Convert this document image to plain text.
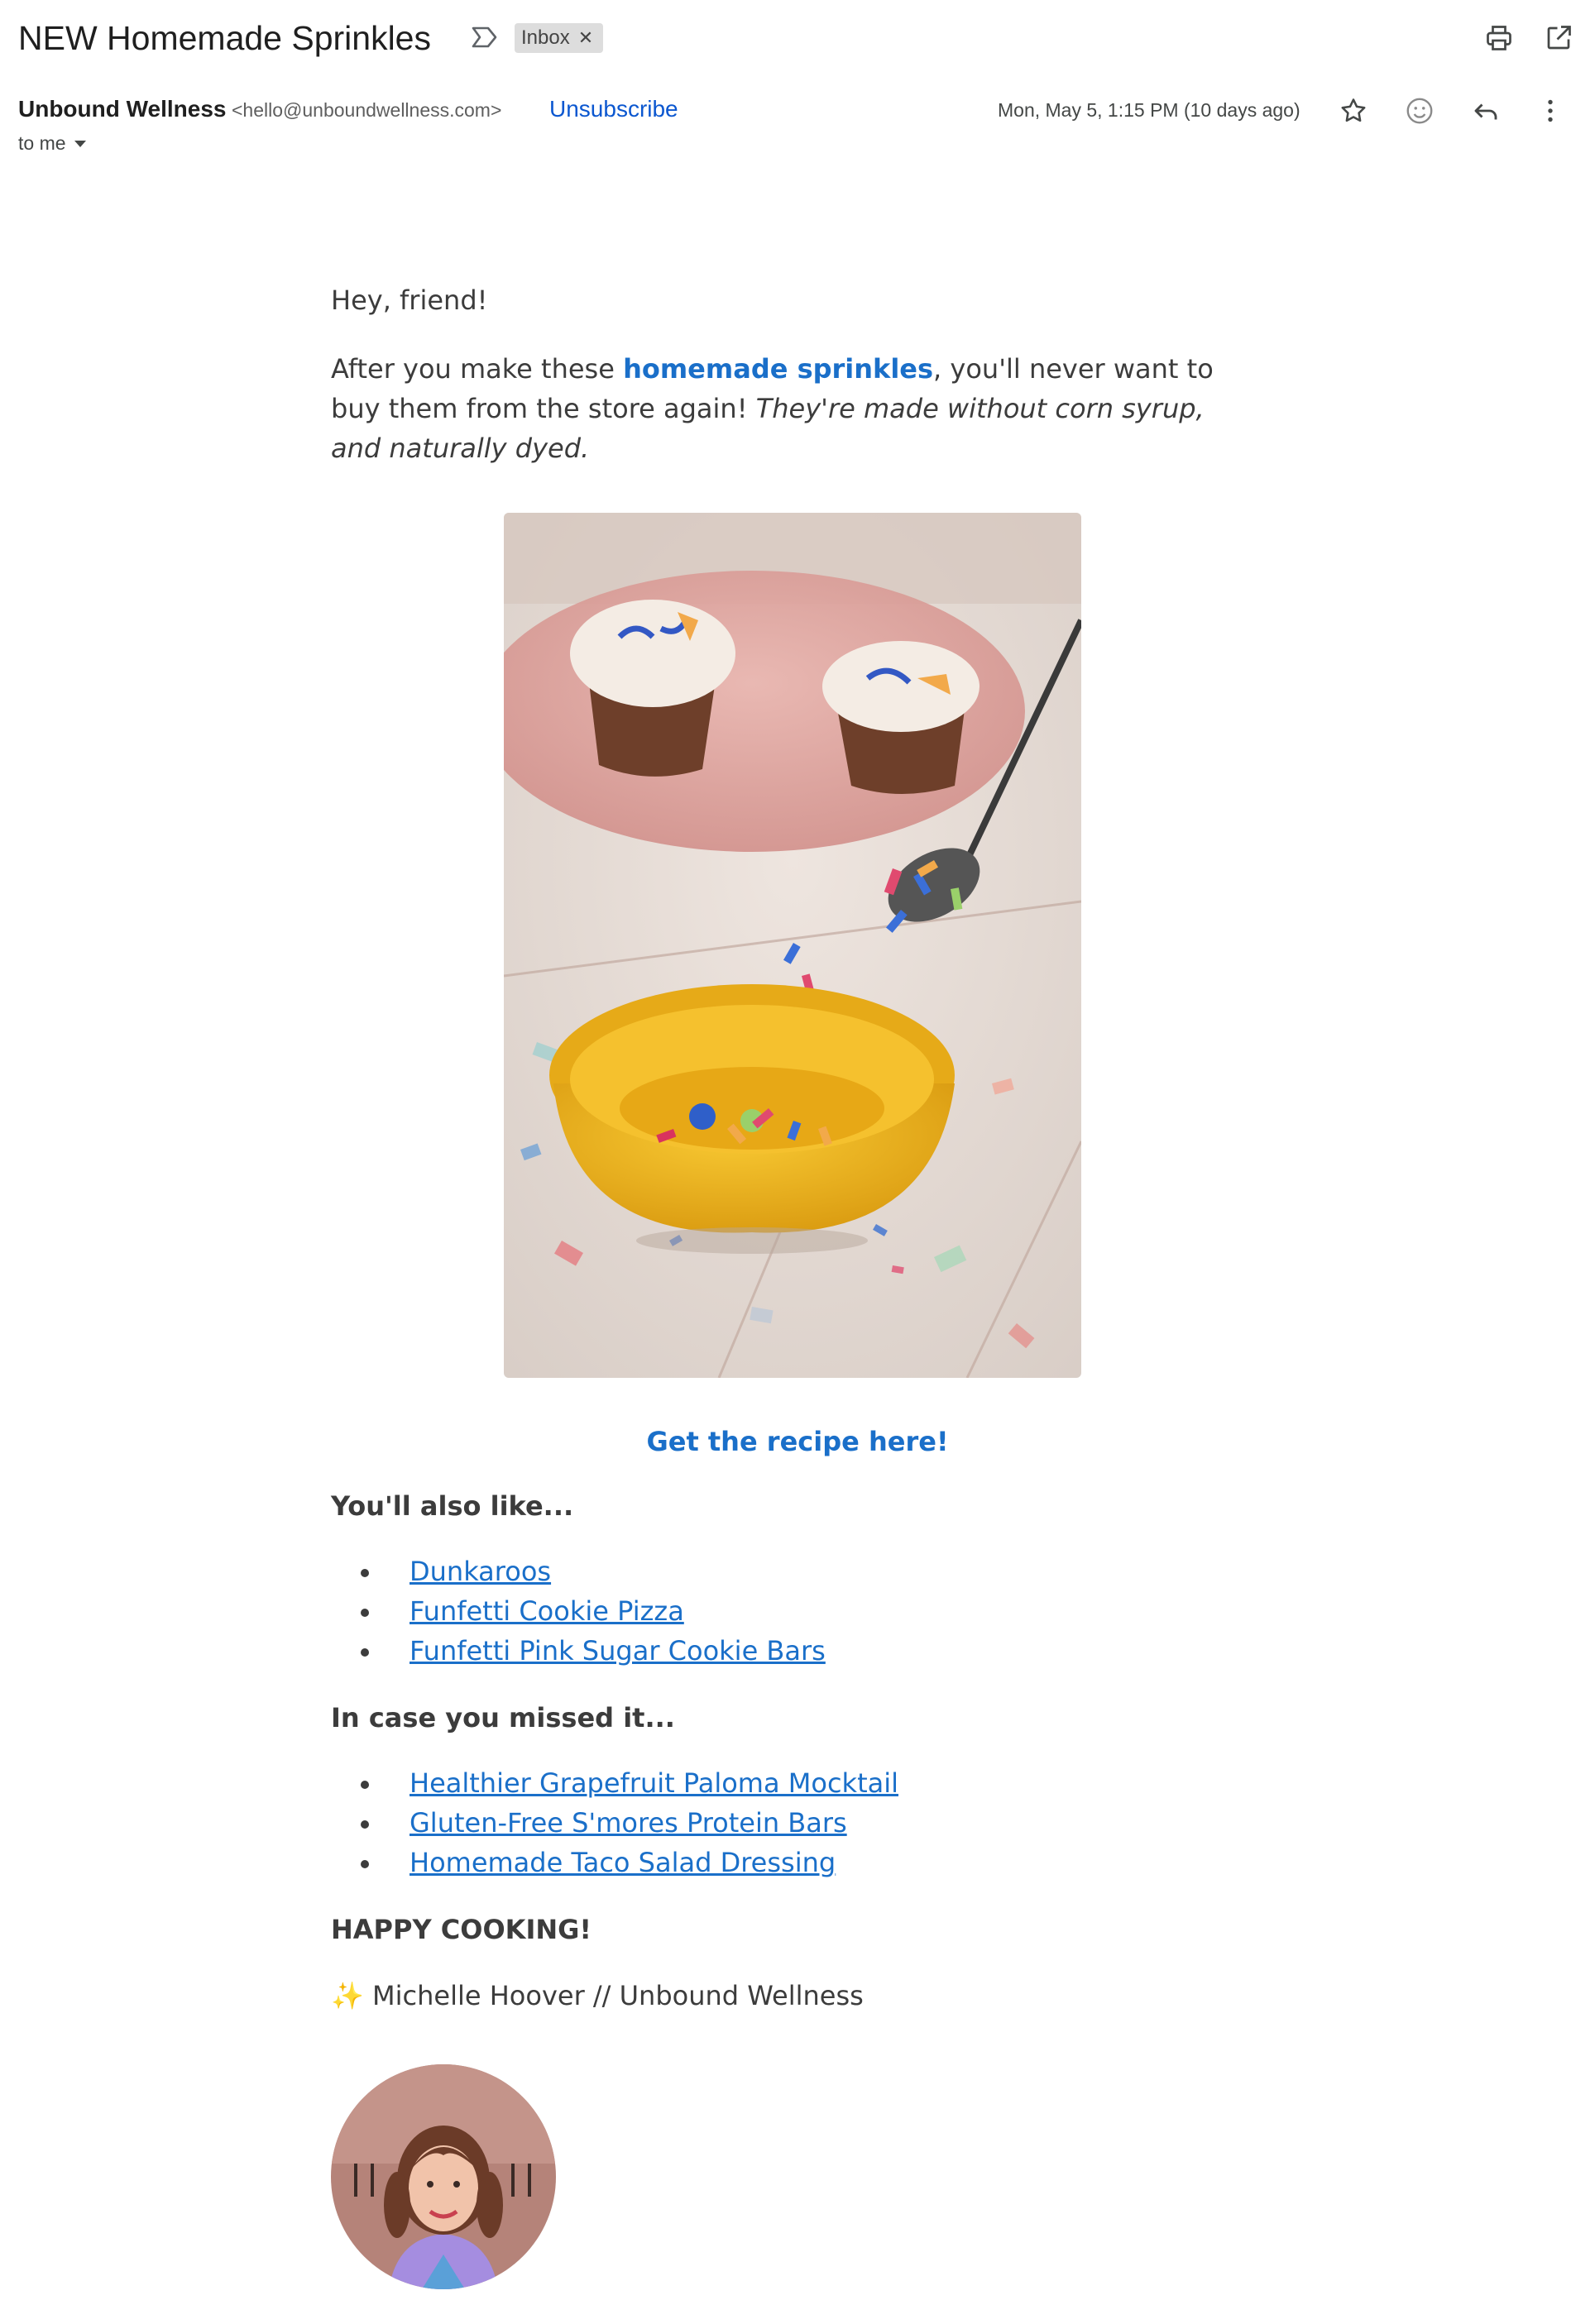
NEW Homemade Sprinkles	Inbox ✕
Unbound Wellness <hello@unboundwellness.com> Unsubscribe	Mon, May 5, 1:15 PM (10 days ago)
to me
Hey, friend!
After you make these homemade sprinkles, you'll never want to buy them from the store again! They're made without corn syrup, and naturally dyed.
Get the recipe here!
You'll also like...
Dunkaroos
Funfetti Cookie Pizza
Funfetti Pink Sugar Cookie Bars
In case you missed it...
Healthier Grapefruit Paloma Mocktail
Gluten-Free S'mores Protein Bars
Homemade Taco Salad Dressing
HAPPY COOKING!
✨ Michelle Hoover // Unbound Wellness
